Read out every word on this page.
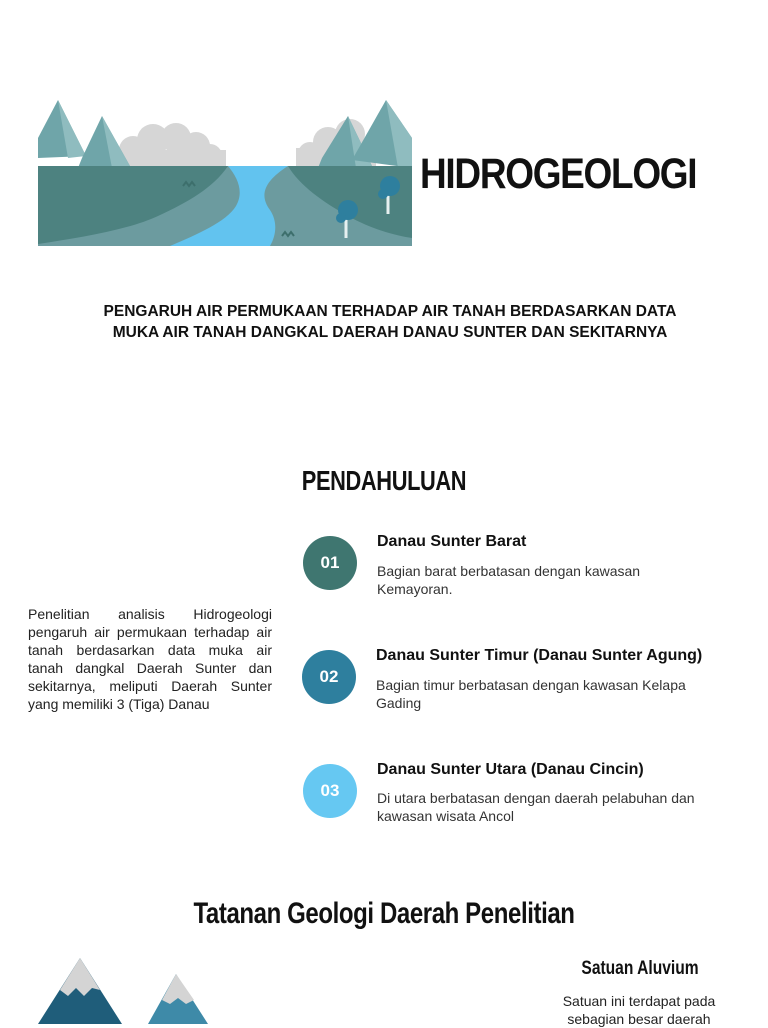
HIDROGEOLOGI
PENGARUH AIR PERMUKAAN TERHADAP AIR TANAH BERDASARKAN DATA MUKA AIR TANAH DANGKAL DAERAH DANAU SUNTER DAN SEKITARNYA
PENDAHULUAN
Penelitian analisis Hidrogeologi pengaruh air permukaan terhadap air tanah berdasarkan data muka air tanah dangkal Daerah Sunter dan sekitarnya, meliputi Daerah Sunter yang memiliki 3 (Tiga) Danau
01
Danau Sunter Barat
Bagian barat berbatasan dengan kawasan Kemayoran.
02
Danau Sunter Timur (Danau Sunter Agung)
Bagian timur berbatasan dengan kawasan Kelapa Gading
03
Danau Sunter Utara (Danau Cincin)
Di utara berbatasan dengan daerah pelabuhan dan kawasan wisata Ancol
Tatanan Geologi Daerah Penelitian
Satuan Aluvium
Satuan ini terdapat pada sebagian besar daerah
